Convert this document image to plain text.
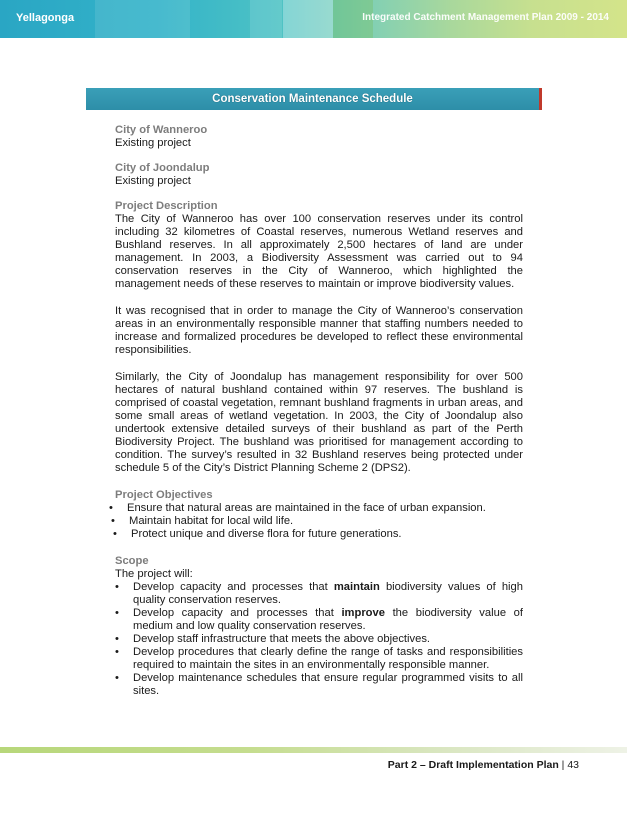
Yellagonga	Integrated Catchment Management Plan 2009 - 2014
Conservation Maintenance Schedule

City of Wanneroo

Existing project

City of Joondalup

Existing project

Project Description

The City of Wanneroo has over 100 conservation reserves under its control including 32 kilometres of Coastal reserves, numerous Wetland reserves and Bushland reserves. In all approximately 2,500 hectares of land are under management. In 2003, a Biodiversity Assessment was carried out to 94 conservation reserves in the City of Wanneroo, which highlighted the management needs of these reserves to maintain or improve biodiversity values.

It was recognised that in order to manage the City of Wanneroo’s conservation areas in an environmentally responsible manner that staffing numbers needed to increase and formalized procedures be developed to reflect these environmental responsibilities.

Similarly, the City of Joondalup has management responsibility for over 500 hectares of natural bushland contained within 97 reserves. The bushland is comprised of coastal vegetation, remnant bushland fragments in urban areas, and some small areas of wetland vegetation. In 2003, the City of Joondalup also undertook extensive detailed surveys of their bushland as part of the Perth Biodiversity Project. The bushland was prioritised for management according to condition. The survey’s resulted in 32 Bushland reserves being protected under schedule 5 of the City’s District Planning Scheme 2 (DPS2).

Project Objectives

• Ensure that natural areas are maintained in the face of urban expansion.
• Maintain habitat for local wild life.
• Protect unique and diverse flora for future generations.

Scope

The project will:

• Develop capacity and processes that maintain biodiversity values of high quality conservation reserves.
• Develop capacity and processes that improve the biodiversity value of medium and low quality conservation reserves.
• Develop staff infrastructure that meets the above objectives.
• Develop procedures that clearly define the range of tasks and responsibilities required to maintain the sites in an environmentally responsible manner.
• Develop maintenance schedules that ensure regular programmed visits to all sites.
Part 2 – Draft Implementation Plan | 43
